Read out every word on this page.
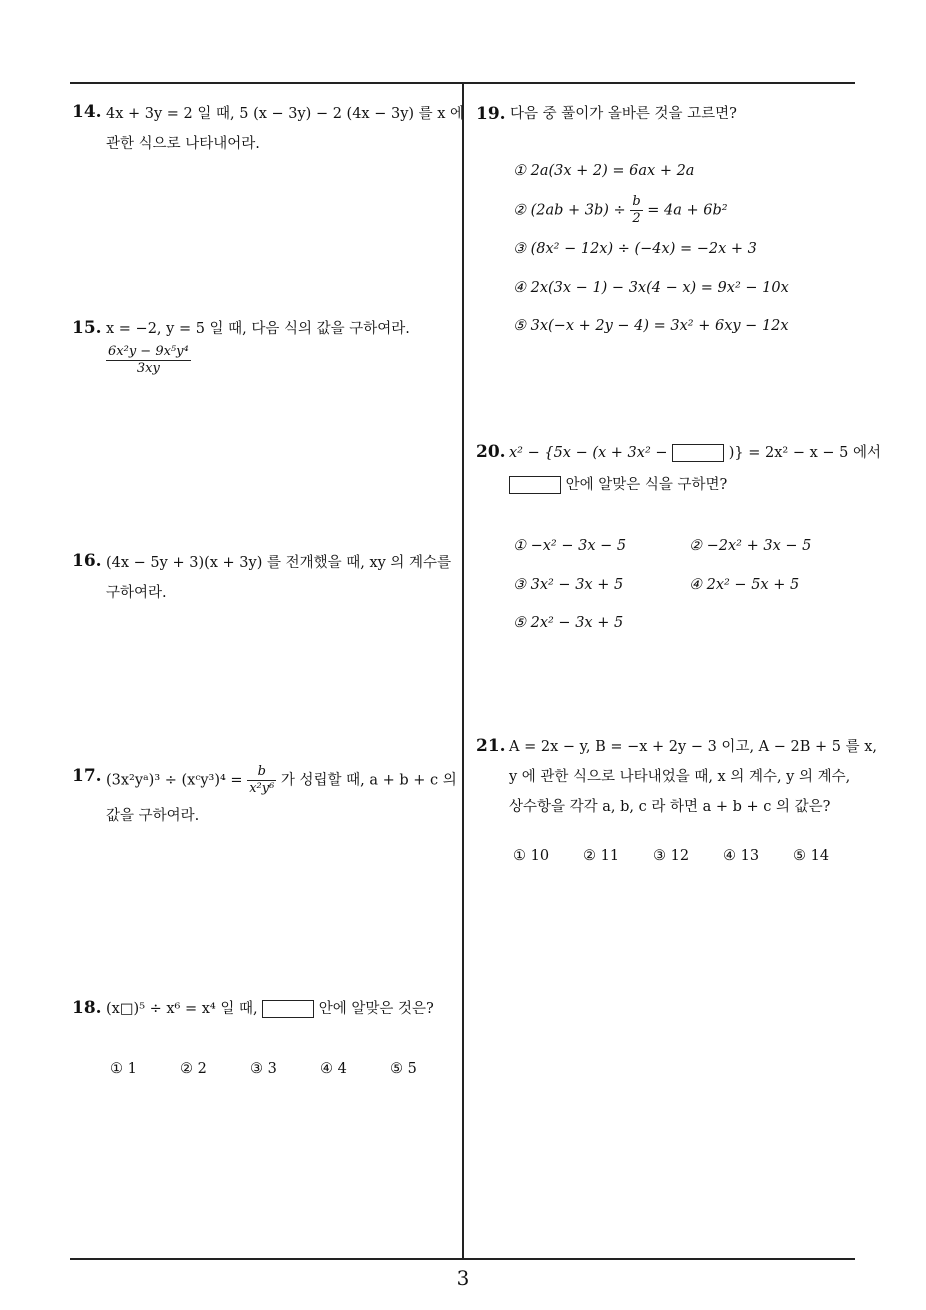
14. 4x + 3y = 2 일 때, 5 (x − 3y) − 2 (4x − 3y) 를 x 에
관한 식으로 나타내어라.
15. x = −2, y = 5 일 때, 다음 식의 값을 구하여라.
$\frac{\text{6x²y − 9x⁵y⁴}}{3xy}$
16. (4x − 5y + 3)(x + 3y) 를 전개했을 때, xy 의 계수를
구하여라.
17. (3x²yᵃ)³ ÷ (xᶜy³)⁴ = $\frac{b}{\text{x²y⁶}}$ 가 성립할 때, a + b + c 의
값을 구하여라.
18. (x□)⁵ ÷ x⁶ = x⁴ 일 때,	안에 알맞은 것은?
① 1	② 2	③ 3	④ 4	⑤ 5
19. 다음 중 풀이가 올바른 것을 고르면?
① 2a(3x + 2) = 6ax + 2a
② $(2ab + 3b) \div \frac{b}{2} = 4a + 6b^2$
③ (8x² − 12x) ÷ (−4x) = −2x + 3
④ 2x(3x − 1) − 3x(4 − x) = 9x² − 10x
⑤ 3x(−x + 2y − 4) = 3x² + 6xy − 12x
20. x² − {5x − (x + 3x² −	)} = 2x² − x − 5 에서
안에 알맞은 식을 구하면?
① −x² − 3x − 5	② −2x² + 3x − 5
③ 3x² − 3x + 5	④ 2x² − 5x + 5
⑤ 2x² − 3x + 5
21. A = 2x − y, B = −x + 2y − 3 이고, A − 2B + 5 를 x,
y 에 관한 식으로 나타내었을 때, x 의 계수, y 의 계수,
상수항을 각각 a, b, c 라 하면 a + b + c 의 값은?
① 10 ② 11 ③ 12 ④ 13 ⑤ 14
3
